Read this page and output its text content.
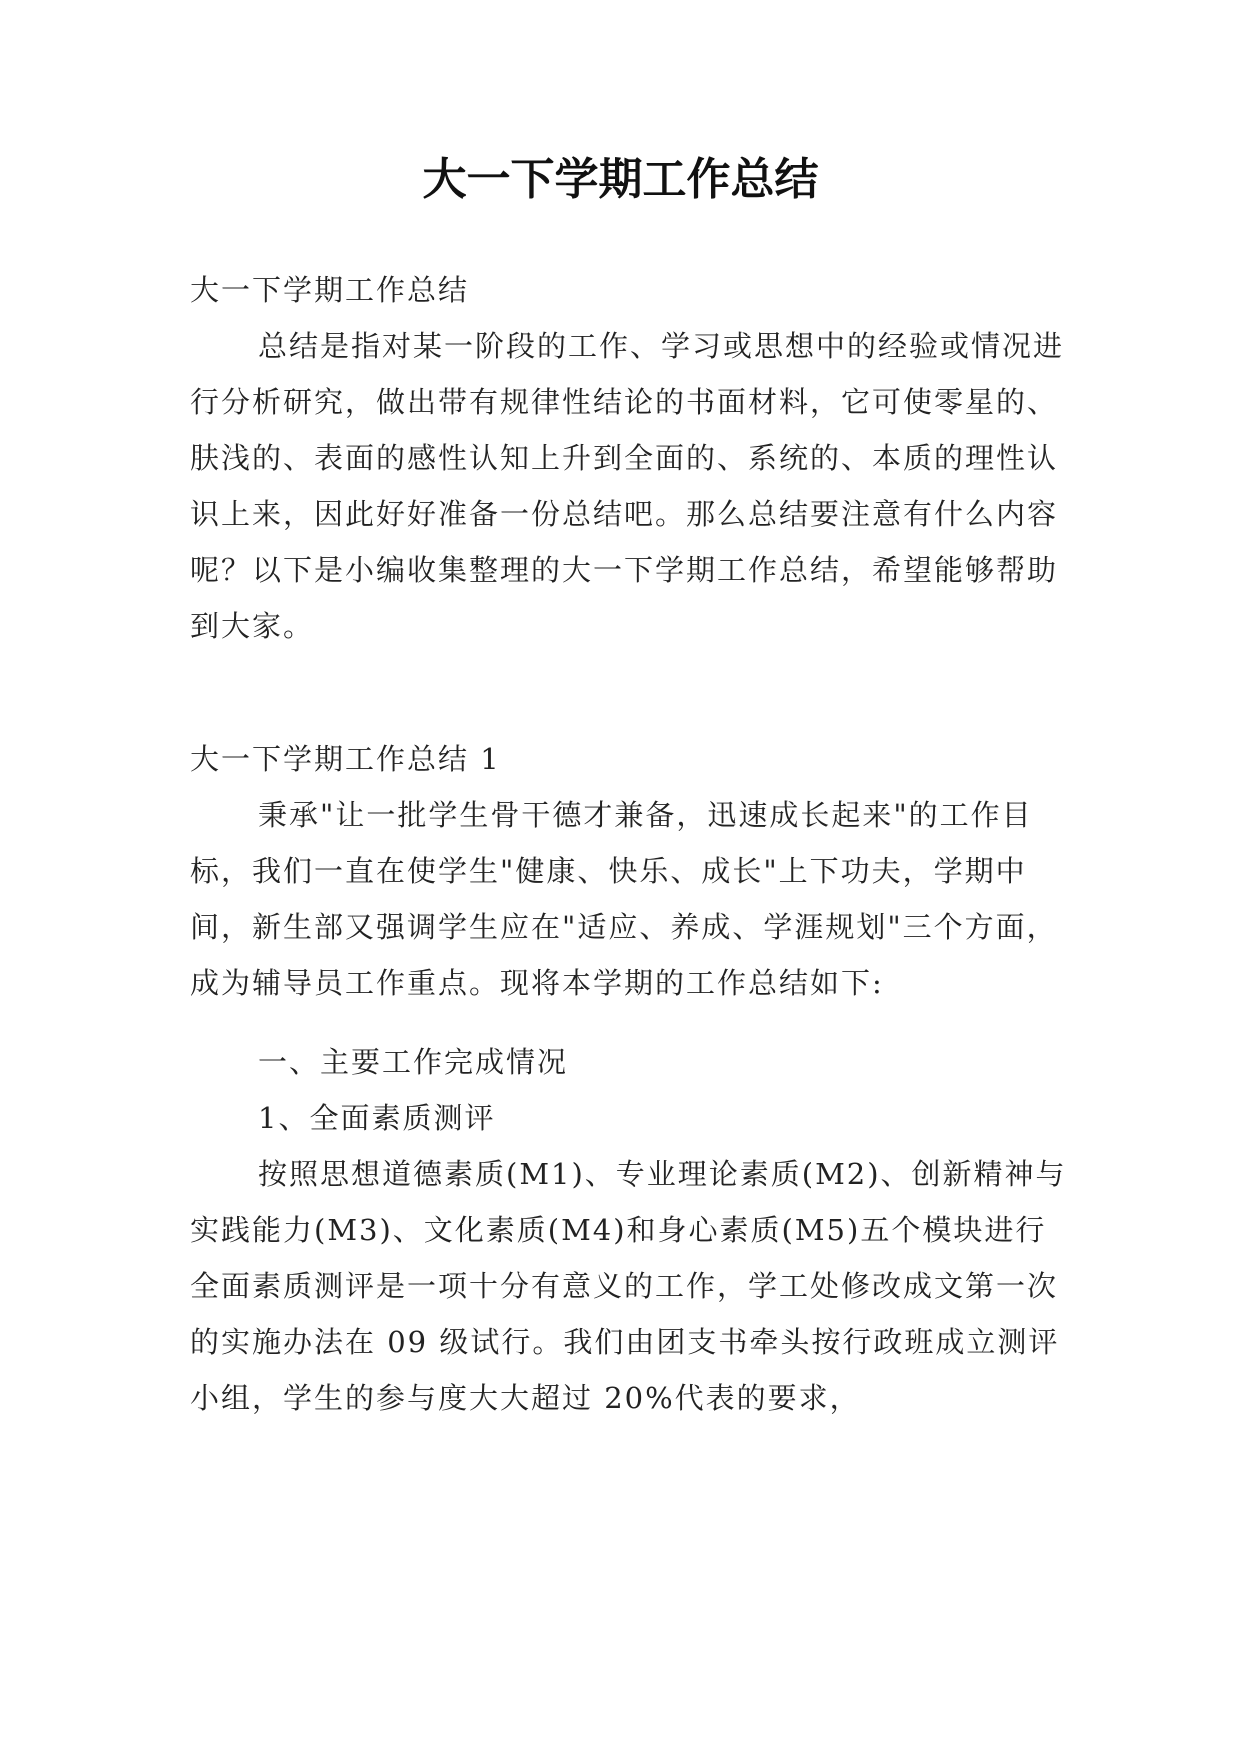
大一下学期工作总结

大一下学期工作总结

总结是指对某一阶段的工作、学习或思想中的经验或情况进行分析研究，做出带有规律性结论的书面材料，它可使零星的、肤浅的、表面的感性认知上升到全面的、系统的、本质的理性认识上来，因此好好准备一份总结吧。那么总结要注意有什么内容呢？以下是小编收集整理的大一下学期工作总结，希望能够帮助到大家。

大一下学期工作总结 1

秉承"让一批学生骨干德才兼备，迅速成长起来"的工作目标，我们一直在使学生"健康、快乐、成长"上下功夫，学期中间，新生部又强调学生应在"适应、养成、学涯规划"三个方面，成为辅导员工作重点。现将本学期的工作总结如下:

一、主要工作完成情况

1、全面素质测评

按照思想道德素质(M1)、专业理论素质(M2)、创新精神与实践能力(M3)、文化素质(M4)和身心素质(M5)五个模块进行全面素质测评是一项十分有意义的工作，学工处修改成文第一次的实施办法在 09 级试行。我们由团支书牵头按行政班成立测评小组，学生的参与度大大超过 20%代表的要求，
